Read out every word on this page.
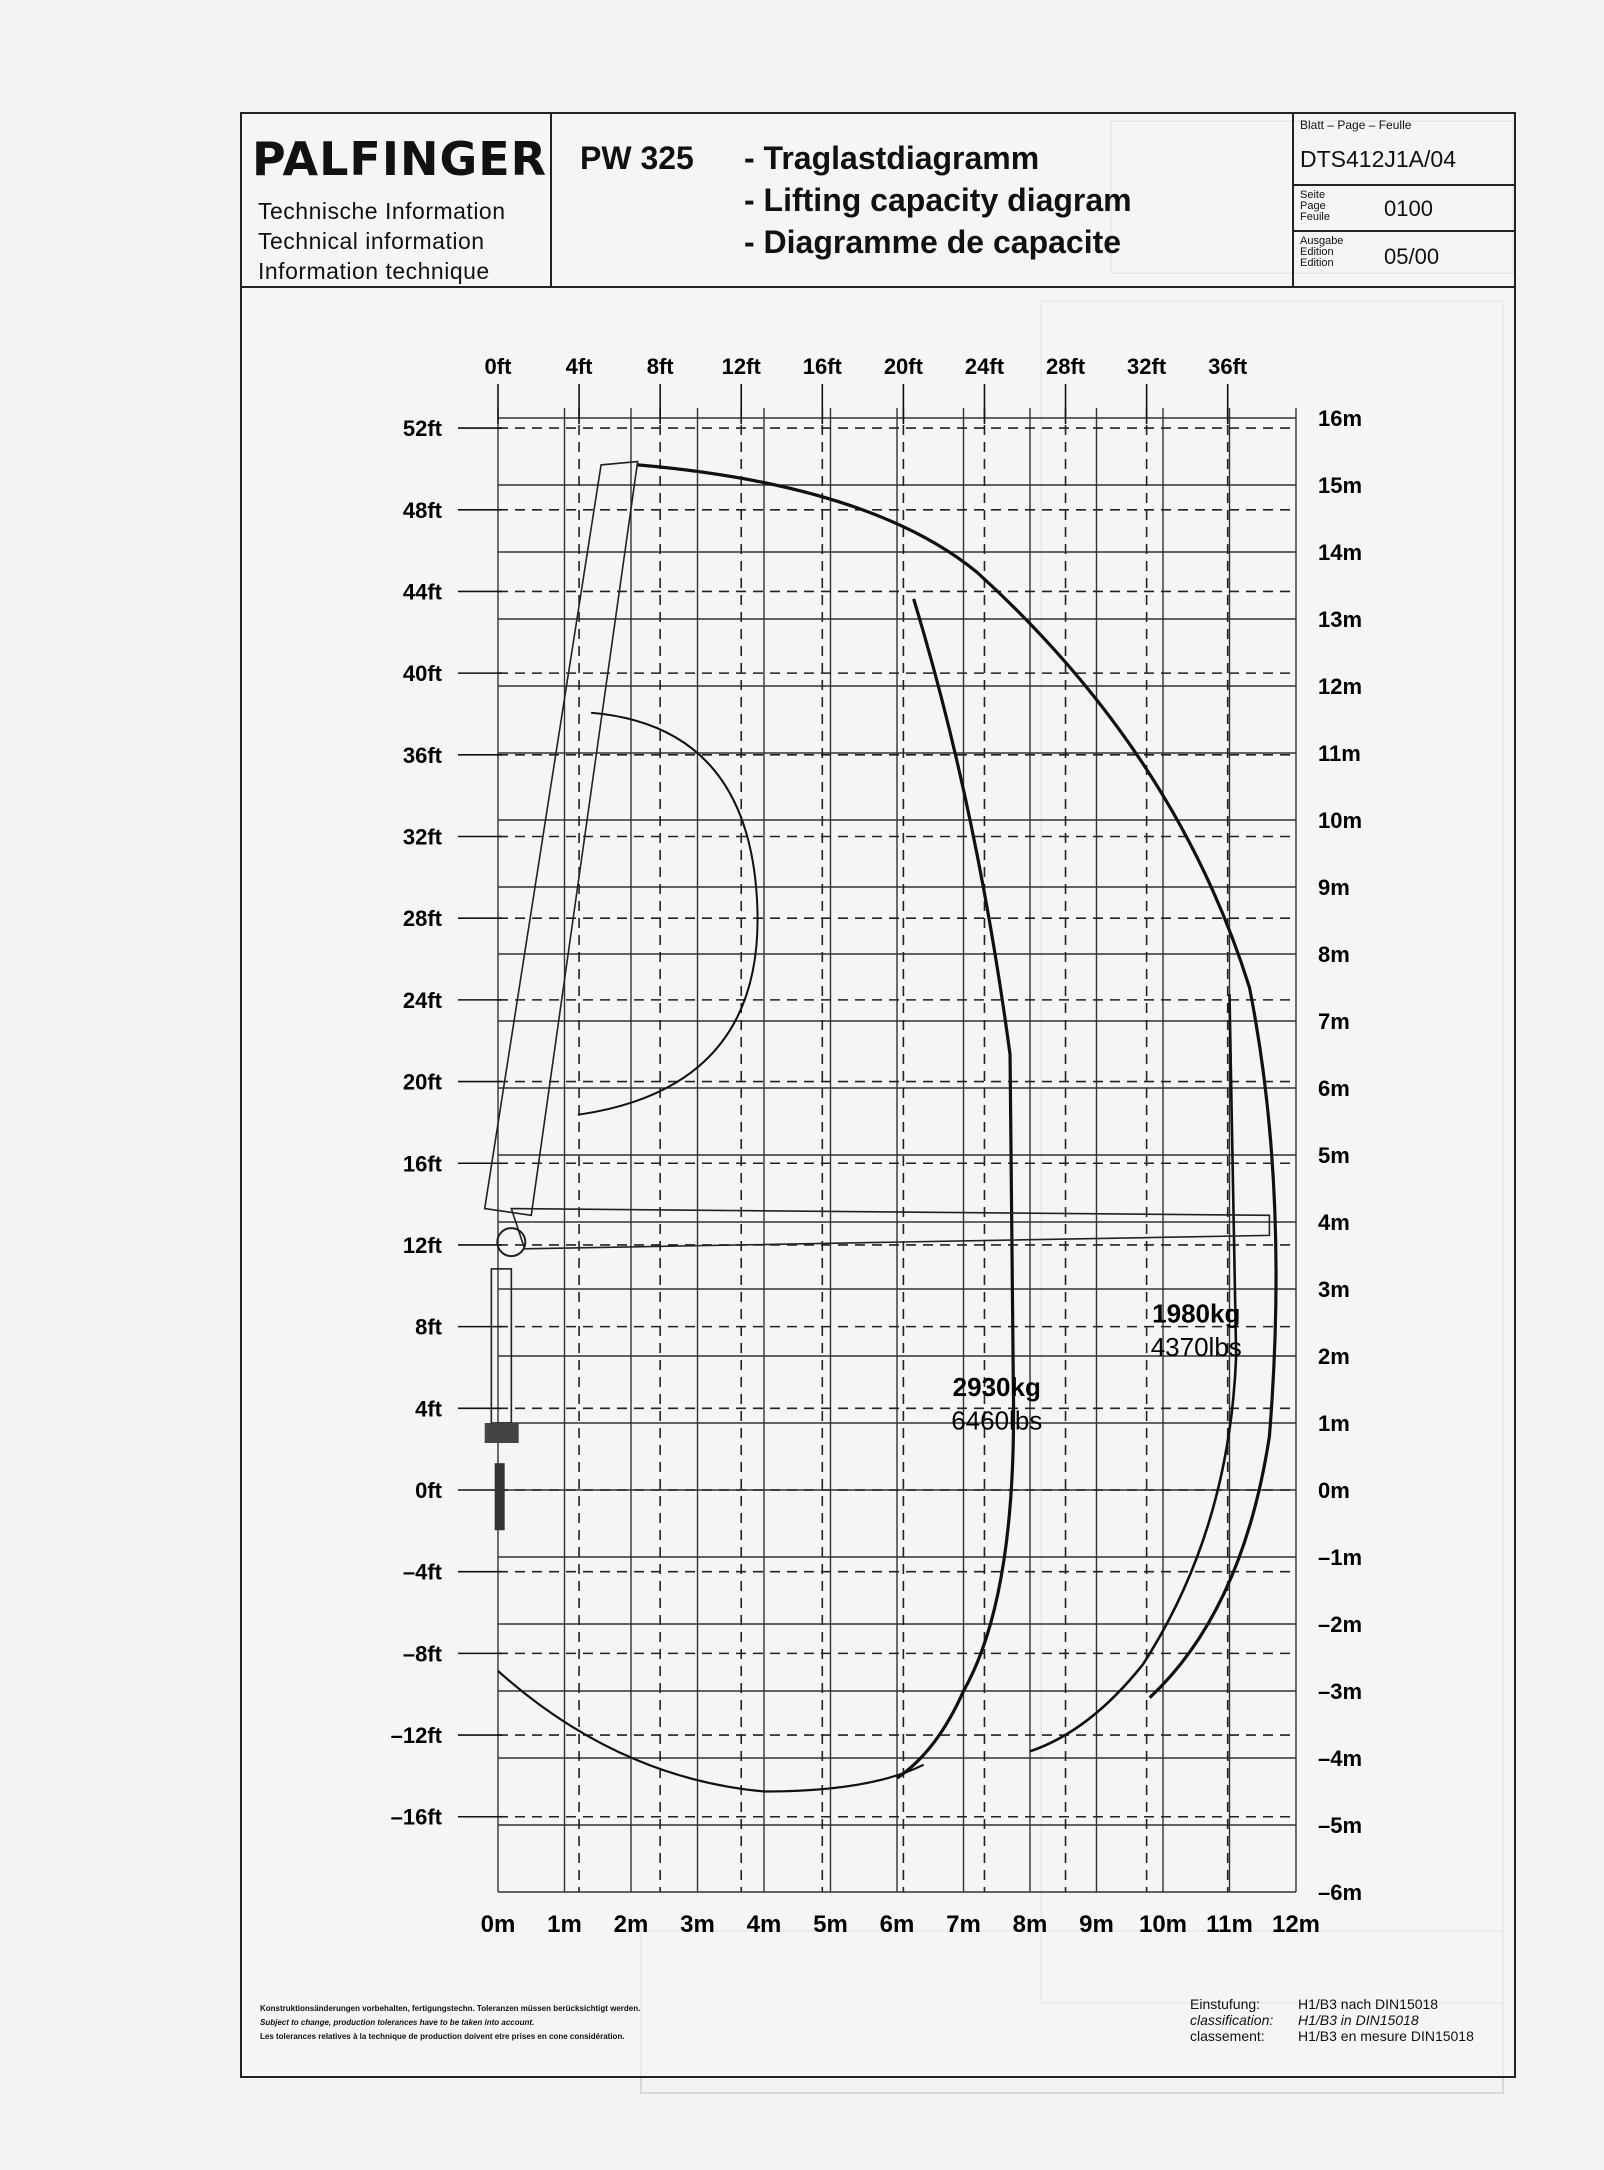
PALFINGER
Technische Information
Technical information
Information technique
PW 325 - Traglastdiagramm
- Lifting capacity diagram
- Diagramme de capacite
Blatt – Page – Feulle
DTS412J1A/04
Seite
Page
Feuile 0100
Ausgabe
Edition
Edition 05/00
0m 1m 2m 3m 4m 5m 6m 7m 8m 9m 10m 11m 12m
0ft 4ft 8ft 12ft 16ft 20ft 24ft 28ft 32ft 36ft
16m
15m
14m
13m
12m
11m
10m
9m
8m
7m
6m
5m
4m
3m
2m
1m
0m
–1m
–2m
–3m
–4m
–5m
–6m
52ft
48ft
44ft
40ft
36ft
32ft
28ft
24ft
20ft
16ft
12ft
8ft
4ft
0ft
–4ft
–8ft
–12ft
–16ft
2930kg
6460lbs
1980kg
4370lbs
Konstruktionsänderungen vorbehalten, fertigungstechn. Toleranzen müssen berücksichtigt werden.
Subject to change, production tolerances have to be taken into account.
Les tolerances relatives à la technique de production doivent etre prises en cone considération.
Einstufung:
classification:
classement:
H1/B3 nach DIN15018
H1/B3 in DIN15018
H1/B3 en mesure DIN15018
